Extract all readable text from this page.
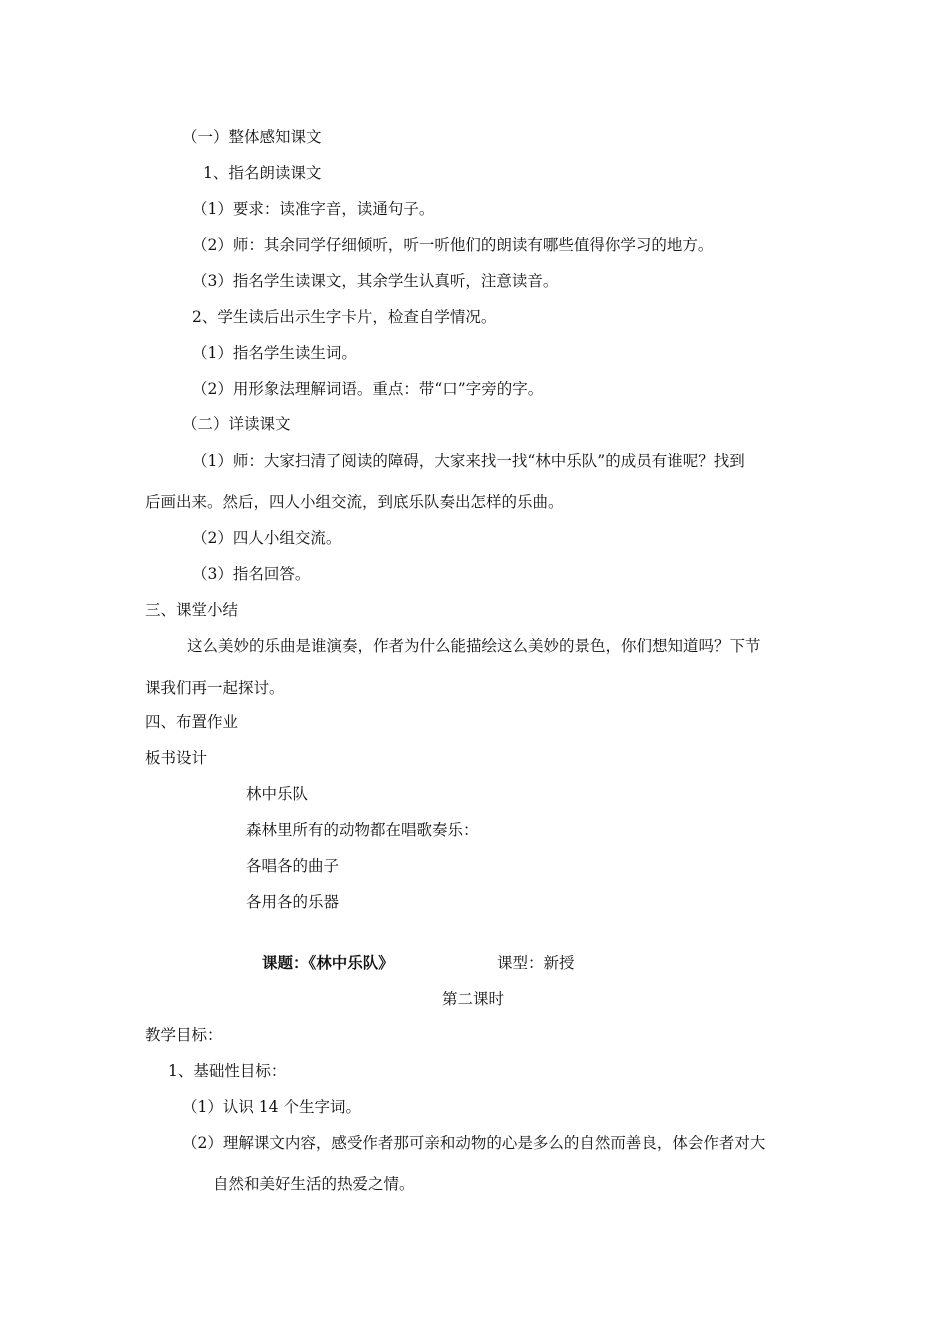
（一）整体感知课文
1、指名朗读课文
（1）要求：读准字音，读通句子。
（2）师：其余同学仔细倾听，听一听他们的朗读有哪些值得你学习的地方。
（3）指名学生读课文，其余学生认真听，注意读音。
2、学生读后出示生字卡片，检查自学情况。
（1）指名学生读生词。
（2）用形象法理解词语。重点：带“口”字旁的字。
（二）详读课文
（1）师：大家扫清了阅读的障碍，大家来找一找“林中乐队”的成员有谁呢？找到
后画出来。然后，四人小组交流，到底乐队奏出怎样的乐曲。
（2）四人小组交流。
（3）指名回答。
三、课堂小结
这么美妙的乐曲是谁演奏，作者为什么能描绘这么美妙的景色，你们想知道吗？下节
课我们再一起探讨。
四、布置作业
板书设计
林中乐队
森林里所有的动物都在唱歌奏乐：
各唱各的曲子
各用各的乐器
课题：《林中乐队》	课型：新授
第二课时
教学目标：
1、基础性目标：
（1）认识 14 个生字词。
（2）理解课文内容，感受作者那可亲和动物的心是多么的自然而善良，体会作者对大
自然和美好生活的热爱之情。
